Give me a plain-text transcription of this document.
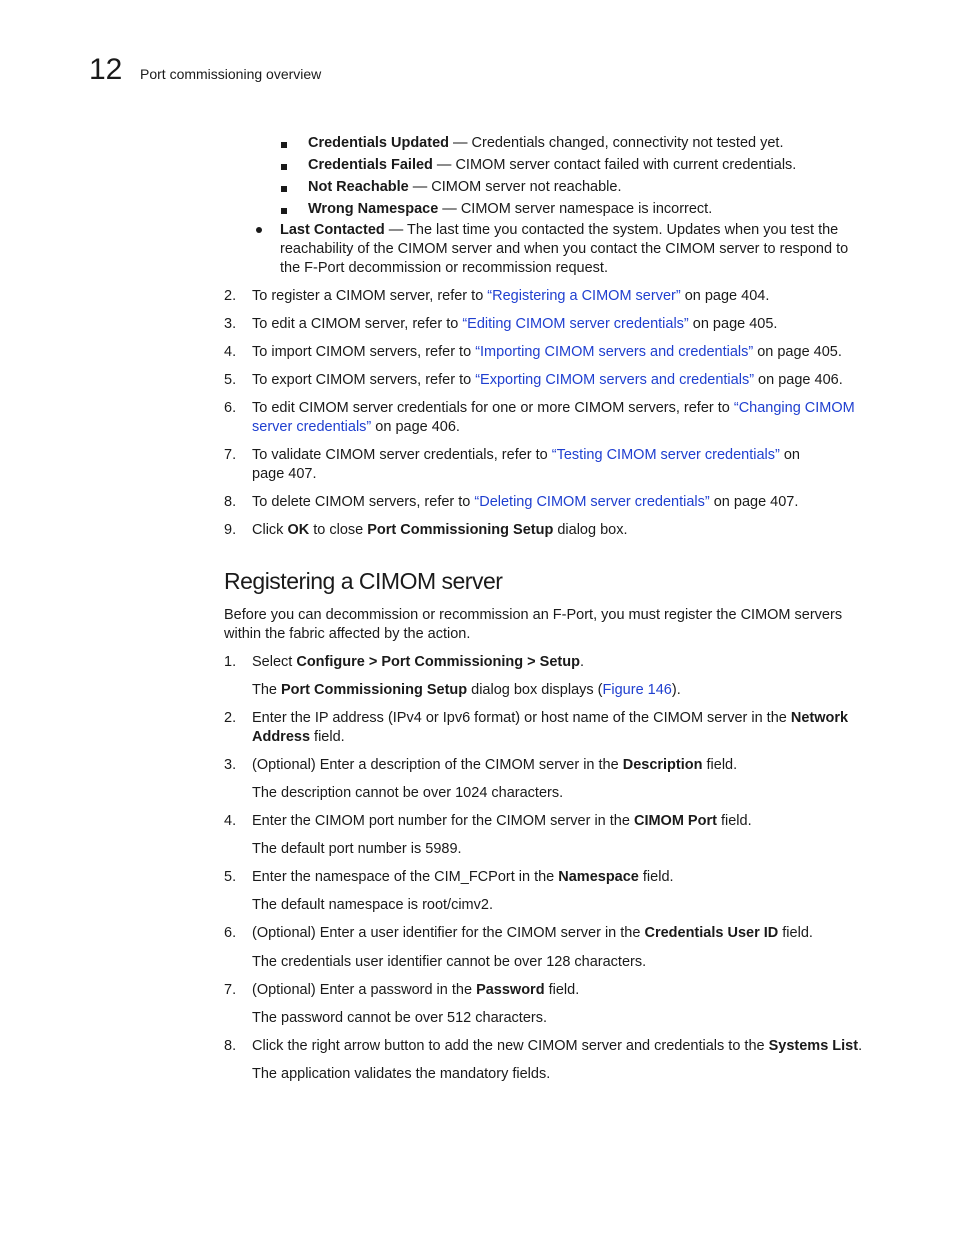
12 Port commissioning overview
Credentials Updated — Credentials changed, connectivity not tested yet.
Credentials Failed — CIMOM server contact failed with current credentials.
Not Reachable — CIMOM server not reachable.
Wrong Namespace — CIMOM server namespace is incorrect.
Last Contacted — The last time you contacted the system. Updates when you test the
reachability of the CIMOM server and when you contact the CIMOM server to respond to
the F-Port decommission or recommission request.
2. To register a CIMOM server, refer to “Registering a CIMOM server” on page 404.
3. To edit a CIMOM server, refer to “Editing CIMOM server credentials” on page 405.
4. To import CIMOM servers, refer to “Importing CIMOM servers and credentials” on page 405.
5. To export CIMOM servers, refer to “Exporting CIMOM servers and credentials” on page 406.
6. To edit CIMOM server credentials for one or more CIMOM servers, refer to “Changing CIMOM
server credentials” on page 406.
7. To validate CIMOM server credentials, refer to “Testing CIMOM server credentials” on
page 407.
8. To delete CIMOM servers, refer to “Deleting CIMOM server credentials” on page 407.
9. Click OK to close Port Commissioning Setup dialog box.
Registering a CIMOM server
Before you can decommission or recommission an F-Port, you must register the CIMOM servers
within the fabric affected by the action.
1. Select Configure > Port Commissioning > Setup.
The Port Commissioning Setup dialog box displays (Figure 146).
2. Enter the IP address (IPv4 or Ipv6 format) or host name of the CIMOM server in the Network
Address field.
3. (Optional) Enter a description of the CIMOM server in the Description field.
The description cannot be over 1024 characters.
4. Enter the CIMOM port number for the CIMOM server in the CIMOM Port field.
The default port number is 5989.
5. Enter the namespace of the CIM_FCPort in the Namespace field.
The default namespace is root/cimv2.
6. (Optional) Enter a user identifier for the CIMOM server in the Credentials User ID field.
The credentials user identifier cannot be over 128 characters.
7. (Optional) Enter a password in the Password field.
The password cannot be over 512 characters.
8. Click the right arrow button to add the new CIMOM server and credentials to the Systems List.
The application validates the mandatory fields.
